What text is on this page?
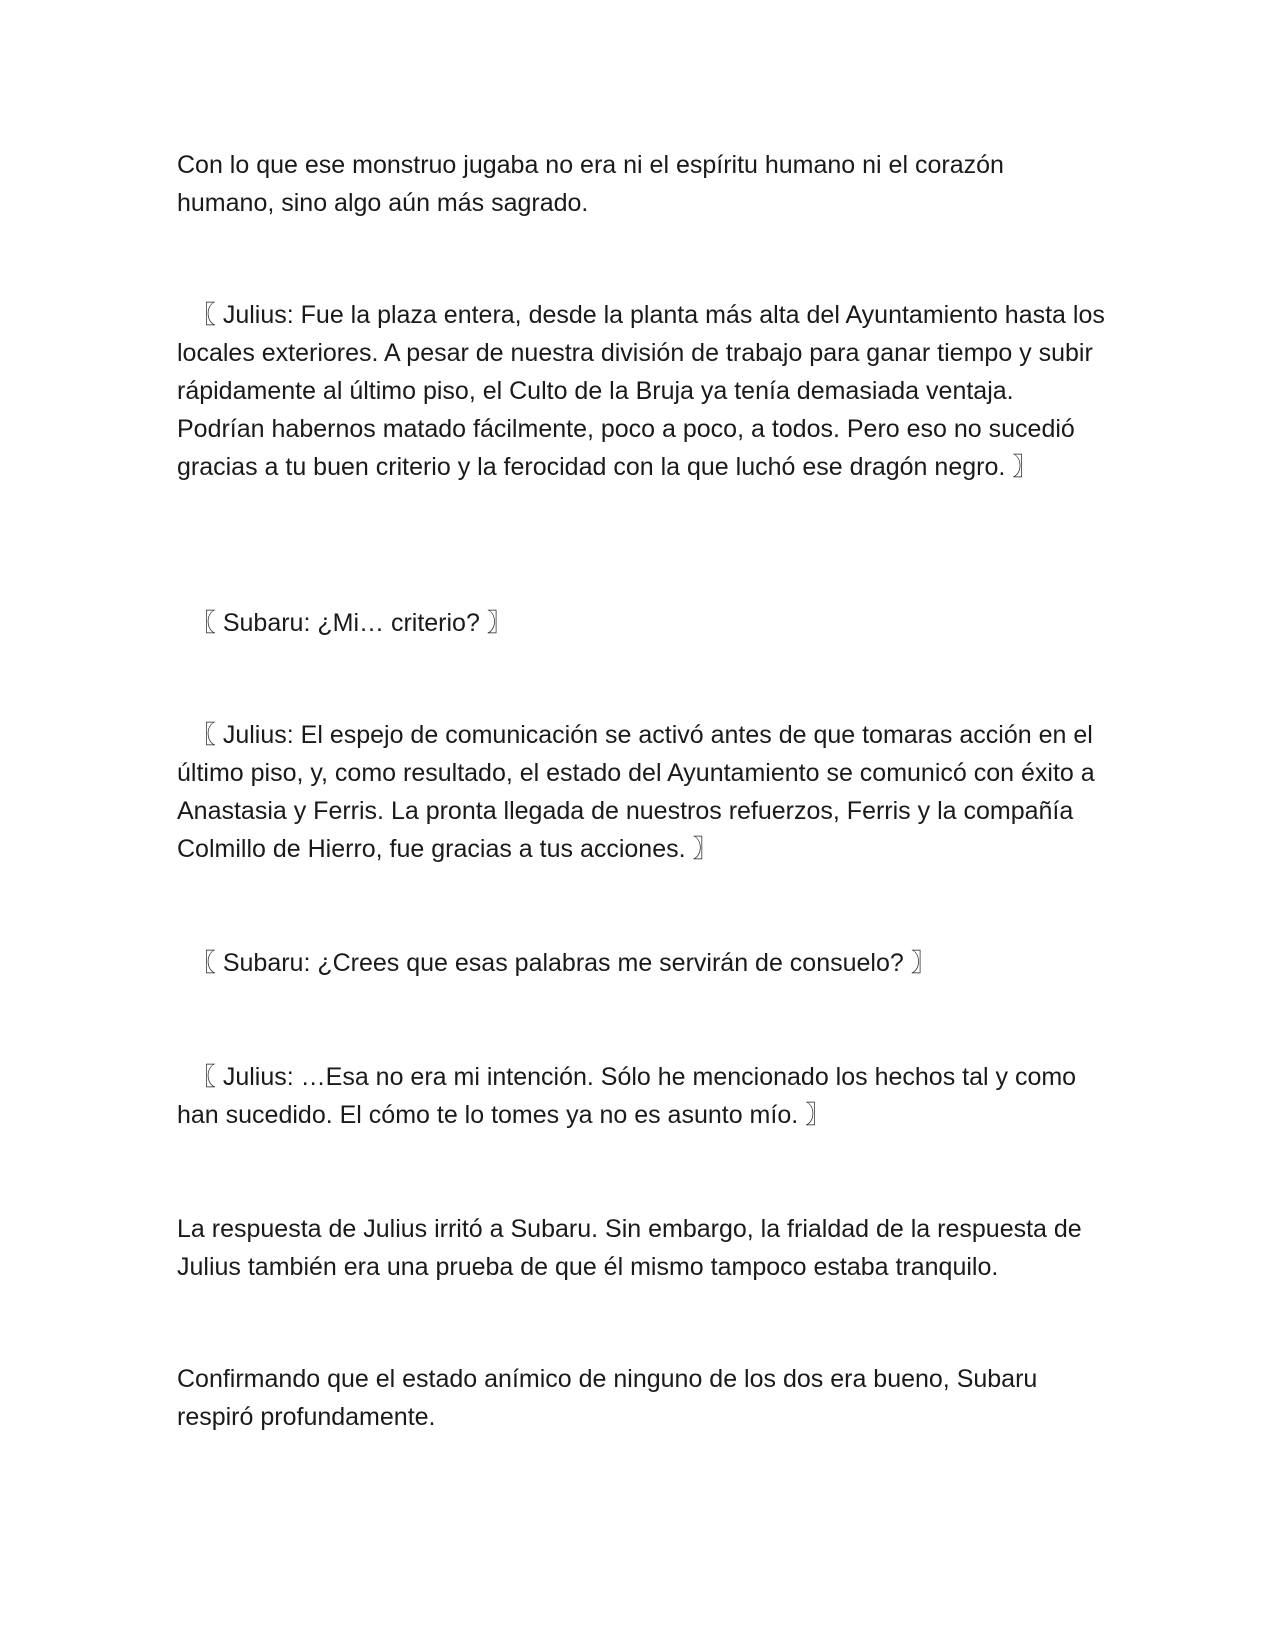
Con lo que ese monstruo jugaba no era ni el espíritu humano ni el corazón humano, sino algo aún más sagrado.

〖 Julius: Fue la plaza entera, desde la planta más alta del Ayuntamiento hasta los locales exteriores. A pesar de nuestra división de trabajo para ganar tiempo y subir rápidamente al último piso, el Culto de la Bruja ya tenía demasiada ventaja. Podrían habernos matado fácilmente, poco a poco, a todos. Pero eso no sucedió gracias a tu buen criterio y la ferocidad con la que luchó ese dragón negro. 〗

〖 Subaru: ¿Mi… criterio? 〗

〖 Julius: El espejo de comunicación se activó antes de que tomaras acción en el último piso, y, como resultado, el estado del Ayuntamiento se comunicó con éxito a Anastasia y Ferris. La pronta llegada de nuestros refuerzos, Ferris y la compañía Colmillo de Hierro, fue gracias a tus acciones. 〗

〖 Subaru: ¿Crees que esas palabras me servirán de consuelo? 〗

〖 Julius: …Esa no era mi intención. Sólo he mencionado los hechos tal y como han sucedido. El cómo te lo tomes ya no es asunto mío. 〗

La respuesta de Julius irritó a Subaru. Sin embargo, la frialdad de la respuesta de Julius también era una prueba de que él mismo tampoco estaba tranquilo.

Confirmando que el estado anímico de ninguno de los dos era bueno, Subaru respiró profundamente.
